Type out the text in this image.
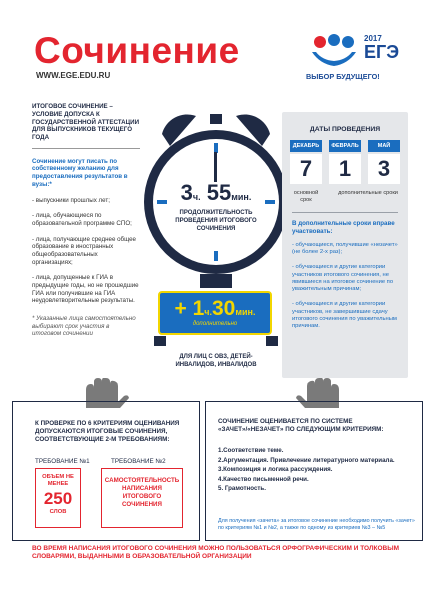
Сочинение
WWW.EGE.EDU.RU
2017
ЕГЭ
ВЫБОР БУДУЩЕГО!
ИТОГОВОЕ СОЧИНЕНИЕ – УСЛОВИЕ ДОПУСКА К ГОСУДАРСТВЕННОЙ АТТЕСТАЦИИ ДЛЯ ВЫПУСКНИКОВ ТЕКУЩЕГО ГОДА
Сочинение могут писать по собственному желанию для предоставления результатов в вузы:*
- выпускники прошлых лет;
- лица, обучающиеся по образовательной программе СПО;
- лица, получающие среднее общее образование в иностранных общеобразовательных организациях;
- лица, допущенные к ГИА в предыдущие годы, но не прошедшие ГИА или получившие на ГИА неудовлетворительные результаты.
* Указанные лица самостоятельно выбирают срок участия в итоговом сочинении
3ч. 55мин.
ПРОДОЛЖИТЕЛЬНОСТЬ ПРОВЕДЕНИЯ ИТОГОВОГО СОЧИНЕНИЯ
+ 1ч.30мин.
дополнительно
ДЛЯ ЛИЦ С ОВЗ, ДЕТЕЙ-ИНВАЛИДОВ, ИНВАЛИДОВ
ДАТЫ ПРОВЕДЕНИЯ
ДЕКАБРЬ
7
ФЕВРАЛЬ
1
МАЙ
3
основной срок
дополнительные сроки
В дополнительные сроки вправе участвовать:
- обучающиеся, получившие «незачет» (не более 2-х раз);
- обучающиеся и другие категории участников итогового сочинения, не явившиеся на итоговое сочинение по уважительным причинам;
- обучающиеся и другие категории участников, не завершившие сдачу итогового сочинения по уважительным причинам.
К ПРОВЕРКЕ ПО 6 КРИТЕРИЯМ ОЦЕНИВАНИЯ ДОПУСКАЮТСЯ ИТОГОВЫЕ СОЧИНЕНИЯ, СООТВЕТСТВУЮЩИЕ 2-М ТРЕБОВАНИЯМ:
ТРЕБОВАНИЕ №1	ТРЕБОВАНИЕ №2
ОБЪЕМ НЕ МЕНЕЕ
250
СЛОВ
САМОСТОЯТЕЛЬНОСТЬ НАПИСАНИЯ ИТОГОВОГО СОЧИНЕНИЯ
СОЧИНЕНИЕ ОЦЕНИВАЕТСЯ ПО СИСТЕМЕ «ЗАЧЕТ»/«НЕЗАЧЕТ» ПО СЛЕДУЮЩИМ КРИТЕРИЯМ:
1.Соответствие теме.
2.Аргументация. Привлечение литературного материала.
3.Композиция и логика рассуждения.
4.Качество письменной речи.
5. Грамотность.
Для получения «зачета» за итоговое сочинение необходимо получить «зачет» по критериям №1 и №2, а также по одному из критериев №3 – №5
ВО ВРЕМЯ НАПИСАНИЯ ИТОГОВОГО СОЧИНЕНИЯ МОЖНО ПОЛЬЗОВАТЬСЯ ОРФОГРАФИЧЕСКИМ И ТОЛКОВЫМ СЛОВАРЯМИ, ВЫДАННЫМИ В ОБРАЗОВАТЕЛЬНОЙ ОРГАНИЗАЦИИ
